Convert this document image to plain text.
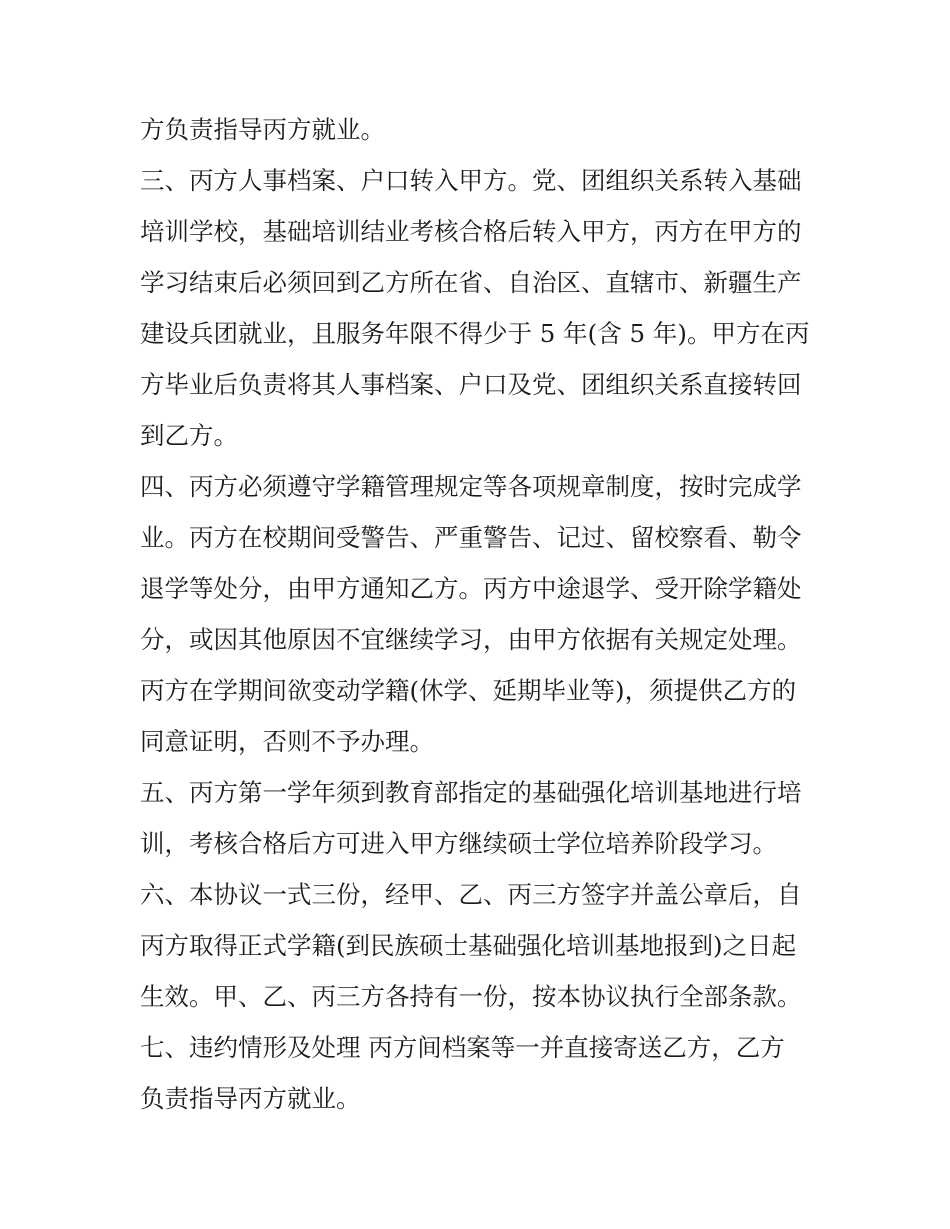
方负责指导丙方就业。
三、丙方人事档案、户口转入甲方。党、团组织关系转入基础
培训学校，基础培训结业考核合格后转入甲方，丙方在甲方的
学习结束后必须回到乙方所在省、自治区、直辖市、新疆生产
建设兵团就业，且服务年限不得少于 5 年(含 5 年)。甲方在丙
方毕业后负责将其人事档案、户口及党、团组织关系直接转回
到乙方。
四、丙方必须遵守学籍管理规定等各项规章制度，按时完成学
业。丙方在校期间受警告、严重警告、记过、留校察看、勒令
退学等处分，由甲方通知乙方。丙方中途退学、受开除学籍处
分，或因其他原因不宜继续学习，由甲方依据有关规定处理。
丙方在学期间欲变动学籍(休学、延期毕业等)，须提供乙方的
同意证明，否则不予办理。
五、丙方第一学年须到教育部指定的基础强化培训基地进行培
训，考核合格后方可进入甲方继续硕士学位培养阶段学习。
六、本协议一式三份，经甲、乙、丙三方签字并盖公章后，自
丙方取得正式学籍(到民族硕士基础强化培训基地报到)之日起
生效。甲、乙、丙三方各持有一份，按本协议执行全部条款。
七、违约情形及处理 丙方间档案等一并直接寄送乙方，乙方
负责指导丙方就业。
